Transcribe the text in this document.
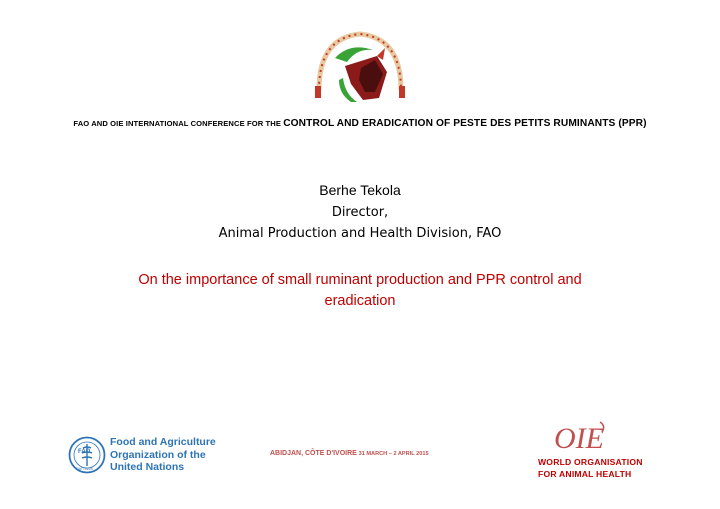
FAO AND OIE INTERNATIONAL CONFERENCE FOR THE CONTROL AND ERADICATION OF PESTE DES PETITS RUMINANTS (PPR)
Berhe Tekola
Director,
Animal Production and Health Division, FAO
On the importance of small ruminant production and PPR control and
eradication
FAO
FIAT PANIS
Food and Agriculture
Organization of the
United Nations
ABIDJAN, CÔTE D'IVOIRE 31 MARCH – 2 APRIL 2015	OIE
WORLD ORGANISATION
FOR ANIMAL HEALTH
